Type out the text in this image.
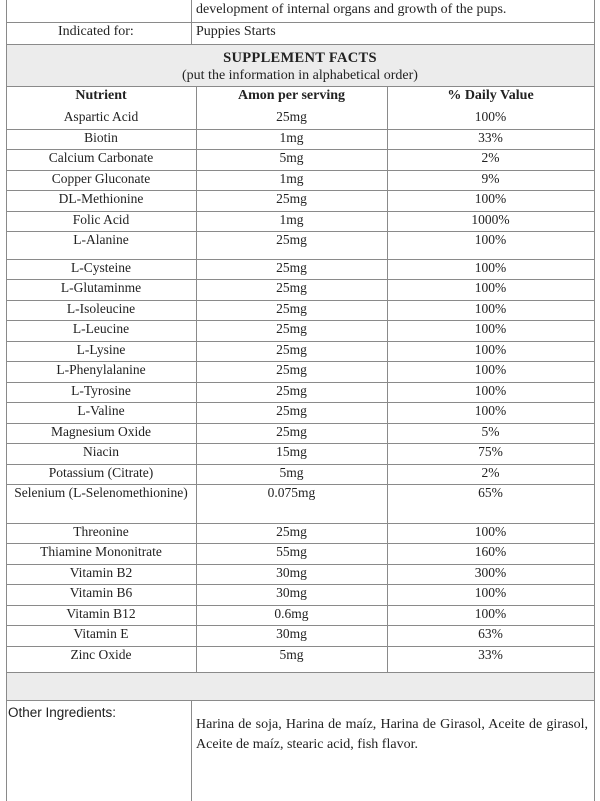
development of internal organs and growth of the pups.
Indicated for:	Puppies Starts
SUPPLEMENT FACTS
(put the information in alphabetical order)
Nutrient	Amon per serving	% Daily Value
Aspartic Acid	25mg	100%
Biotin	1mg	33%
Calcium Carbonate	5mg	2%
Copper Gluconate	1mg	9%
DL-Methionine	25mg	100%
Folic Acid	1mg	1000%
L-Alanine	25mg	100%
L-Cysteine	25mg	100%
L-Glutaminme	25mg	100%
L-Isoleucine	25mg	100%
L-Leucine	25mg	100%
L-Lysine	25mg	100%
L-Phenylalanine	25mg	100%
L-Tyrosine	25mg	100%
L-Valine	25mg	100%
Magnesium Oxide	25mg	5%
Niacin	15mg	75%
Potassium (Citrate)	5mg	2%
Selenium (L-Selenomethionine)	0.075mg	65%
Threonine	25mg	100%
Thiamine Mononitrate	55mg	160%
Vitamin B2	30mg	300%
Vitamin B6	30mg	100%
Vitamin B12	0.6mg	100%
Vitamin E	30mg	63%
Zinc Oxide	5mg	33%
Other Ingredients:
Harina de soja, Harina de maíz, Harina de Girasol, Aceite de girasol, Aceite de maíz, stearic acid, fish flavor.
